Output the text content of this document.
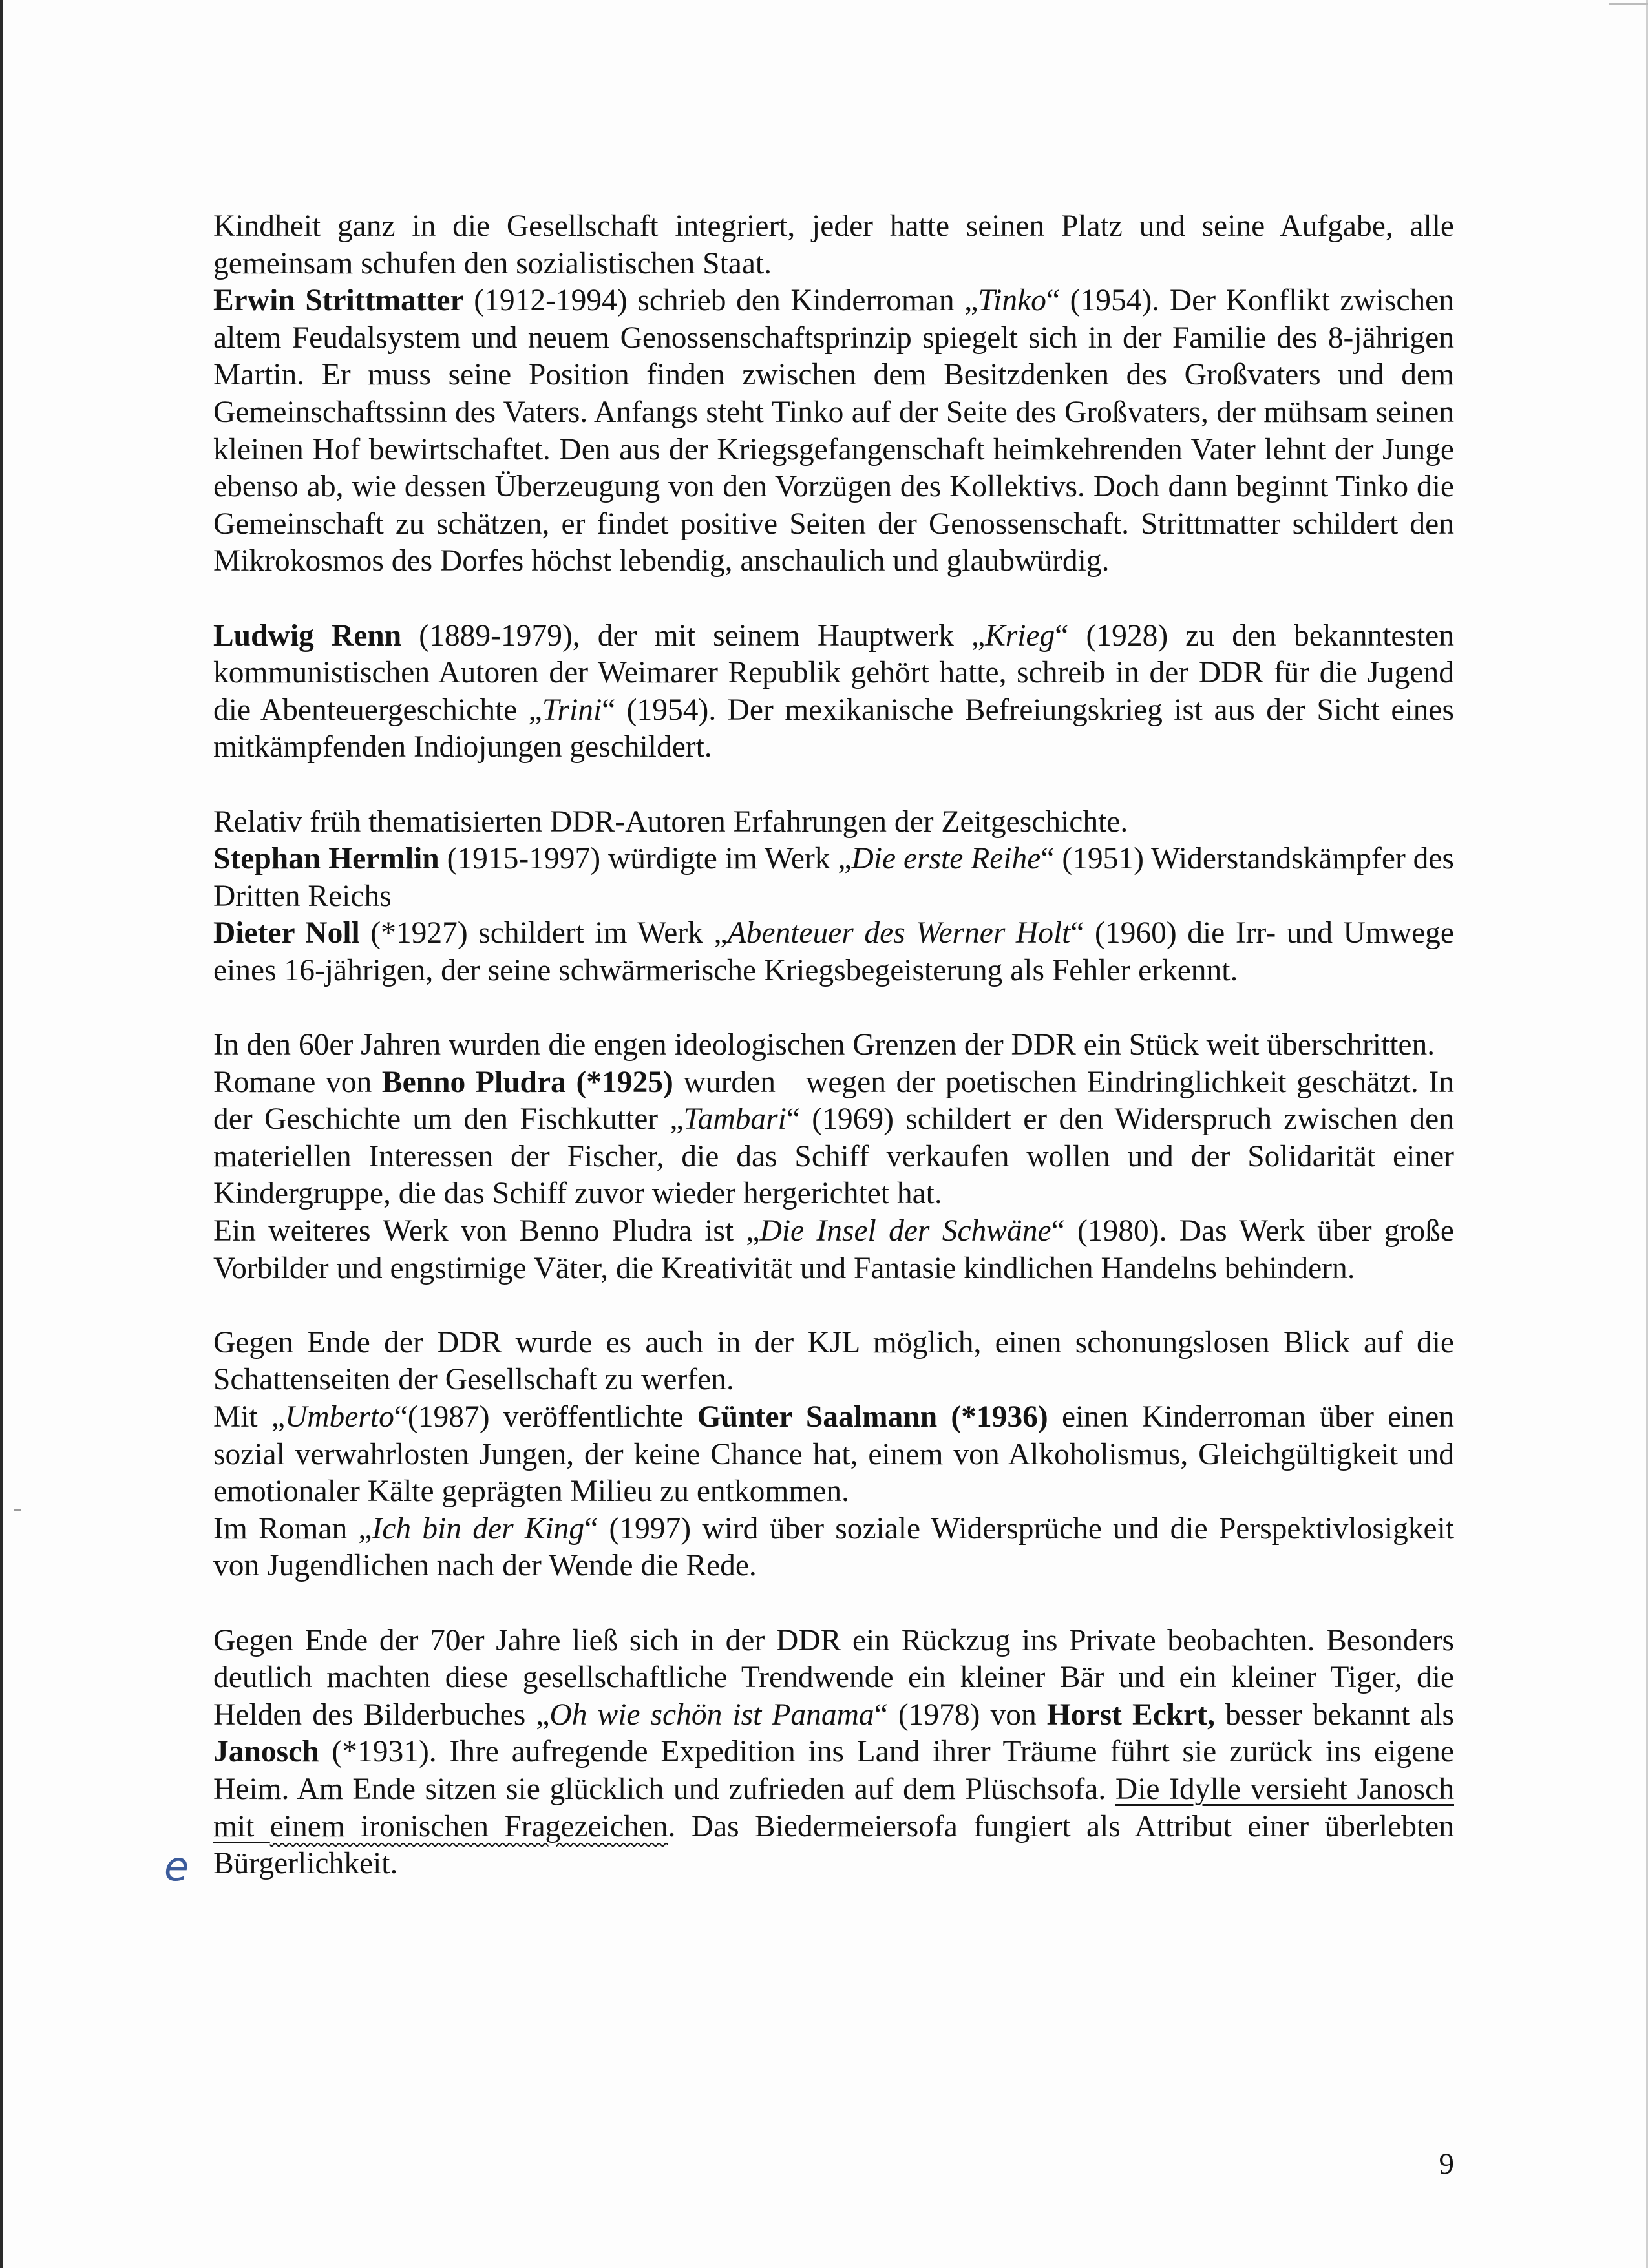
Kindheit ganz in die Gesellschaft integriert, jeder hatte seinen Platz und seine Aufgabe, alle gemeinsam schufen den sozialistischen Staat.

Erwin Strittmatter (1912-1994) schrieb den Kinderroman „Tinko“ (1954). Der Konflikt zwischen altem Feudalsystem und neuem Genossenschaftsprinzip spiegelt sich in der Familie des 8-jährigen Martin. Er muss seine Position finden zwischen dem Besitzdenken des Großvaters und dem Gemeinschaftssinn des Vaters. Anfangs steht Tinko auf der Seite des Großvaters, der mühsam seinen kleinen Hof bewirtschaftet. Den aus der Kriegsgefangenschaft heimkehrenden Vater lehnt der Junge ebenso ab, wie dessen Überzeugung von den Vorzügen des Kollektivs. Doch dann beginnt Tinko die Gemeinschaft zu schätzen, er findet positive Seiten der Genossenschaft. Strittmatter schildert den Mikrokosmos des Dorfes höchst lebendig, anschaulich und glaubwürdig.

Ludwig Renn (1889-1979), der mit seinem Hauptwerk „Krieg“ (1928) zu den bekanntesten kommunistischen Autoren der Weimarer Republik gehört hatte, schreib in der DDR für die Jugend die Abenteuergeschichte „Trini“ (1954). Der mexikanische Befreiungskrieg ist aus der Sicht eines mitkämpfenden Indiojungen geschildert.

Relativ früh thematisierten DDR-Autoren Erfahrungen der Zeitgeschichte.

Stephan Hermlin (1915-1997) würdigte im Werk „Die erste Reihe“ (1951) Widerstandskämpfer des Dritten Reichs

Dieter Noll (*1927) schildert im Werk „Abenteuer des Werner Holt“ (1960) die Irr- und Umwege eines 16-jährigen, der seine schwärmerische Kriegsbegeisterung als Fehler erkennt.

In den 60er Jahren wurden die engen ideologischen Grenzen der DDR ein Stück weit überschritten.

Romane von Benno Pludra (*1925) wurden   wegen der poetischen Eindringlichkeit geschätzt. In der Geschichte um den Fischkutter „Tambari“ (1969) schildert er den Widerspruch zwischen den materiellen Interessen der Fischer, die das Schiff verkaufen wollen und der Solidarität einer Kindergruppe, die das Schiff zuvor wieder hergerichtet hat.

Ein weiteres Werk von Benno Pludra ist „Die Insel der Schwäne“ (1980). Das Werk über große Vorbilder und engstirnige Väter, die Kreativität und Fantasie kindlichen Handelns behindern.

Gegen Ende der DDR wurde es auch in der KJL möglich, einen schonungslosen Blick auf die Schattenseiten der Gesellschaft zu werfen.

Mit „Umberto“(1987) veröffentlichte Günter Saalmann (*1936) einen Kinderroman über einen sozial verwahrlosten Jungen, der keine Chance hat, einem von Alkoholismus, Gleichgültigkeit und emotionaler Kälte geprägten Milieu zu entkommen.

Im Roman „Ich bin der King“ (1997) wird über soziale Widersprüche und die Perspektivlosigkeit von Jugendlichen nach der Wende die Rede.

Gegen Ende der 70er Jahre ließ sich in der DDR ein Rückzug ins Private beobachten. Besonders deutlich machten diese gesellschaftliche Trendwende ein kleiner Bär und ein kleiner Tiger, die Helden des Bilderbuches „Oh wie schön ist Panama“ (1978) von Horst Eckrt, besser bekannt als Janosch (*1931). Ihre aufregende Expedition ins Land ihrer Träume führt sie zurück ins eigene Heim. Am Ende sitzen sie glücklich und zufrieden auf dem Plüschsofa. Die Idylle versieht Janosch mit einem ironischen Fragezeichen. Das Biedermeiersofa fungiert als Attribut einer überlebten Bürgerlichkeit.

e
9
